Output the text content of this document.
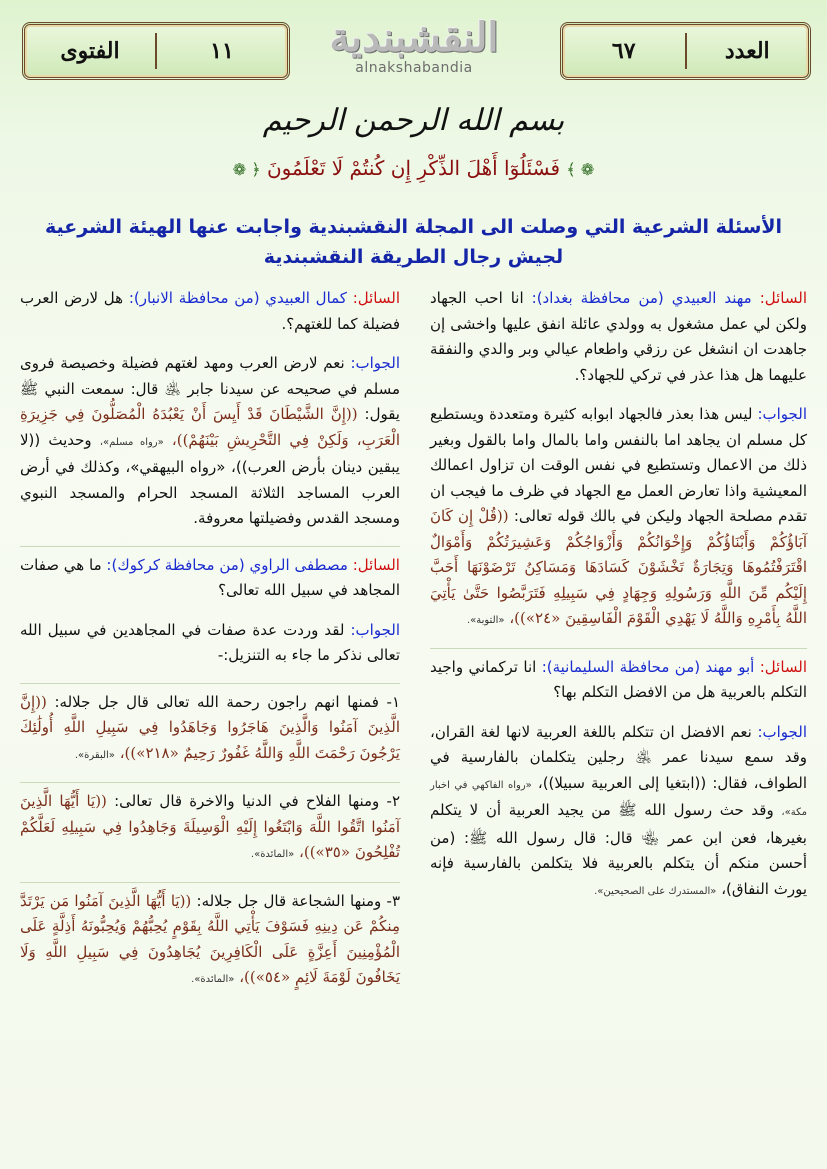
الفتوى	١١	النقشبندية
alnakshabandia
٦٧	العدد
بسم الله الرحمن الرحيم
❁ ﴿ فَسْئَلُوٓا أَهْلَ الذِّكْرِ إِن كُنتُمْ لَا تَعْلَمُونَ ﴾ ❁
الأسئلة الشرعية التي وصلت الى المجلة النقشبندية واجابت عنها الهيئة الشرعية
لجيش رجال الطريقة النقشبندية
السائل: مهند العبيدي (من محافظة بغداد): انا احب الجهاد ولكن لي عمل مشغول به وولدي عائلة انفق عليها واخشى إن جاهدت ان انشغل عن رزقي واطعام عيالي وبر والدي والنفقة عليهما هل هذا عذر في تركي للجهاد؟.
الجواب: ليس هذا بعذر فالجهاد ابوابه كثيرة ومتعددة ويستطيع كل مسلم ان يجاهد اما بالنفس واما بالمال واما بالقول وبغير ذلك من الاعمال وتستطيع في نفس الوقت ان تزاول اعمالك المعيشية واذا تعارض العمل مع الجهاد في ظرف ما فيجب ان تقدم مصلحة الجهاد وليكن في بالك قوله تعالى: ((قُلْ إِن كَانَ آبَاؤُكُمْ وَأَبْنَاؤُكُمْ وَإِخْوَانُكُمْ وَأَزْوَاجُكُمْ وَعَشِيرَتُكُمْ وَأَمْوَالٌ اقْتَرَفْتُمُوهَا وَتِجَارَةٌ تَخْشَوْنَ كَسَادَهَا وَمَسَاكِنُ تَرْضَوْنَهَا أَحَبَّ إِلَيْكُم مِّنَ اللَّهِ وَرَسُولِهِ وَجِهَادٍ فِي سَبِيلِهِ فَتَرَبَّصُوا حَتَّىٰ يَأْتِيَ اللَّهُ بِأَمْرِهِ وَاللَّهُ لَا يَهْدِي الْقَوْمَ الْفَاسِقِينَ «٢٤»))، «التوبة».
السائل: أبو مهند (من محافظة السليمانية): انا تركماني واجيد التكلم بالعربية هل من الافضل التكلم بها؟
الجواب: نعم الافضل ان تتكلم باللغة العربية لانها لغة القران، وقد سمع سيدنا عمر ﵁ رجلين يتكلمان بالفارسية في الطواف، فقال: ((ابتغيا إلى العربية سبيلا))، «رواه الفاكهي في اخبار مكة»، وقد حث رسول الله ﷺ من يجيد العربية أن لا يتكلم بغيرها، فعن ابن عمر ﵄ قال: قال رسول الله ﷺ: (من أحسن منكم أن يتكلم بالعربية فلا يتكلمن بالفارسية فإنه يورث النفاق)، «المستدرك على الصحيحين».
السائل: كمال العبيدي (من محافظة الانبار): هل لارض العرب فضيلة كما للغتهم؟.
الجواب: نعم لارض العرب ومهد لغتهم فضيلة وخصيصة فروى مسلم في صحيحه عن سيدنا جابر ﵁ قال: سمعت النبي ﷺ يقول: ((إِنَّ الشَّيْطَانَ قَدْ أَيِسَ أَنْ يَعْبُدَهُ الْمُصَلُّونَ فِي جَزِيرَةِ الْعَرَبِ، وَلَكِنْ فِي التَّحْرِيشِ بَيْنَهُمْ))، «رواه مسلم»، وحديث ((لا يبقين دينان بأرض العرب))، «رواه البيهقي»، وكذلك في أرض العرب المساجد الثلاثة المسجد الحرام والمسجد النبوي ومسجد القدس وفضيلتها معروفة.
السائل: مصطفى الراوي (من محافظة كركوك): ما هي صفات المجاهد في سبيل الله تعالى؟
الجواب: لقد وردت عدة صفات في المجاهدين في سبيل الله تعالى نذكر ما جاء به التنزيل:-
١- فمنها انهم راجون رحمة الله تعالى قال جل جلاله: ((إِنَّ الَّذِينَ آمَنُوا وَالَّذِينَ هَاجَرُوا وَجَاهَدُوا فِي سَبِيلِ اللَّهِ أُولَٰئِكَ يَرْجُونَ رَحْمَتَ اللَّهِ وَاللَّهُ غَفُورٌ رَحِيمٌ «٢١٨»))، «البقرة».
٢- ومنها الفلاح في الدنيا والاخرة قال تعالى: ((يَا أَيُّهَا الَّذِينَ آمَنُوا اتَّقُوا اللَّهَ وَابْتَغُوا إِلَيْهِ الْوَسِيلَةَ وَجَاهِدُوا فِي سَبِيلِهِ لَعَلَّكُمْ تُفْلِحُونَ «٣٥»))، «المائدة».
٣- ومنها الشجاعة قال جل جلاله: ((يَا أَيُّهَا الَّذِينَ آمَنُوا مَن يَرْتَدَّ مِنكُمْ عَن دِينِهِ فَسَوْفَ يَأْتِي اللَّهُ بِقَوْمٍ يُحِبُّهُمْ وَيُحِبُّونَهُ أَذِلَّةٍ عَلَى الْمُؤْمِنِينَ أَعِزَّةٍ عَلَى الْكَافِرِينَ يُجَاهِدُونَ فِي سَبِيلِ اللَّهِ وَلَا يَخَافُونَ لَوْمَةَ لَائِمٍ «٥٤»))، «المائدة».
